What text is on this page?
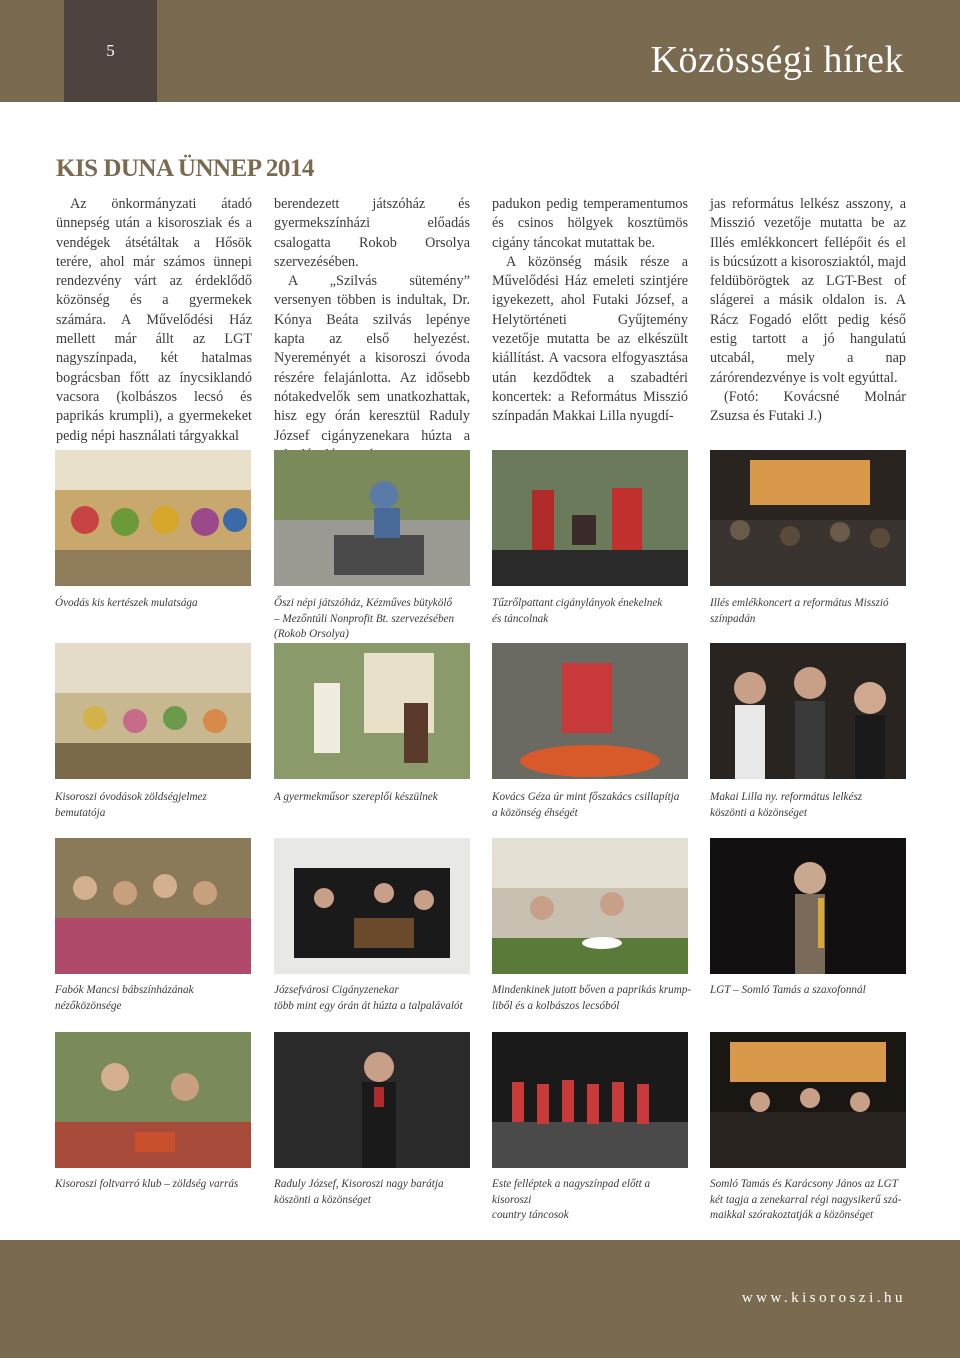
5	Közösségi hírek
KIS DUNA ÜNNEP 2014

Az önkormányzati átadó ünnepség után a kisorosziak és a vendégek átsétáltak a Hősök terére, ahol már számos ünnepi rendezvény várt az érdeklődő közönség és a gyermekek számára. A Művelődési Ház mellett már állt az LGT nagyszínpada, két hatalmas bográcsban főtt az ínycsiklandó vacsora (kolbászos lecsó és paprikás krumpli), a gyermekeket pedig népi használati tárgyakkal

berendezett játszóház és gyermekszínházi előadás csalogatta Rokob Orsolya szervezésében.

A „Szilvás sütemény” versenyen többen is indultak, Dr. Kónya Beáta szilvás lepénye kapta az első helyezést. Nyereményét a kisoroszi óvoda részére felajánlotta. Az idősebb nótakedvelők sem unatkozhattak, hisz egy órán keresztül Raduly József cigányzenekara húzta a

padukon pedig temperamentumos és csinos hölgyek kosztümös cigány táncokat mutattak be.

A közönség másik része a Művelődési Ház emeleti szintjére igyekezett, ahol Futaki József, a Helytörténeti Gyűjtemény vezetője mutatta be az elkészült kiállítást. A vacsora elfogyasztása után kezdődtek a szabadtéri koncertek: a Református Misszió színpadán Makkai Lilla nyugdí-

jas református lelkész asszony, a Misszió vezetője mutatta be az Illés emlékkoncert fellépőit és el is búcsúzott a kisorosziaktól, majd feldübörögtek az LGT-Best of slágerei a másik oldalon is. A Rácz Fogadó előtt pedig késő estig tartott a jó hangulatú utcabál, mely a nap zárórendezvénye is volt egyúttal.

(Fotó: Kovácsné Molnár Zsuzsa és Futaki J.)

Óvodás kis kertészek mulatsága	Őszi népi játszóház, Kézműves bütykölő
– Mezőntúli Nonprofit Bt. szervezésében
(Rokob Orsolya)
Tűzrőlpattant cigánylányok énekelnek
és táncolnak
Illés emlékkoncert a református Misszió
színpadán
Kisoroszi óvodások zöldségjelmez bemutatója
A gyermekműsor szereplői készülnek	Kovács Géza úr mint főszakács csillapítja
a közönség éhségét
Makai Lilla ny. református lelkész
köszönti a közönséget
Fabók Mancsi bábszínházának
nézőközönsége
Józsefvárosi Cigányzenekar
több mint egy órán át húzta a talpalávalót
Mindenkinek jutott bőven a paprikás krump-
liből és a kolbászos lecsóból
LGT – Somló Tamás a szaxofonnál
Kisoroszi foltvarró klub – zöldség varrás	Raduly József, Kisoroszi nagy barátja
köszönti a közönséget
Este felléptek a nagyszínpad előtt a kisoroszi
country táncosok
Somló Tamás és Karácsony János az LGT
két tagja a zenekarral régi nagysikerű szá-
maikkal szórakoztatják a közönséget
www.kisoroszi.hu
